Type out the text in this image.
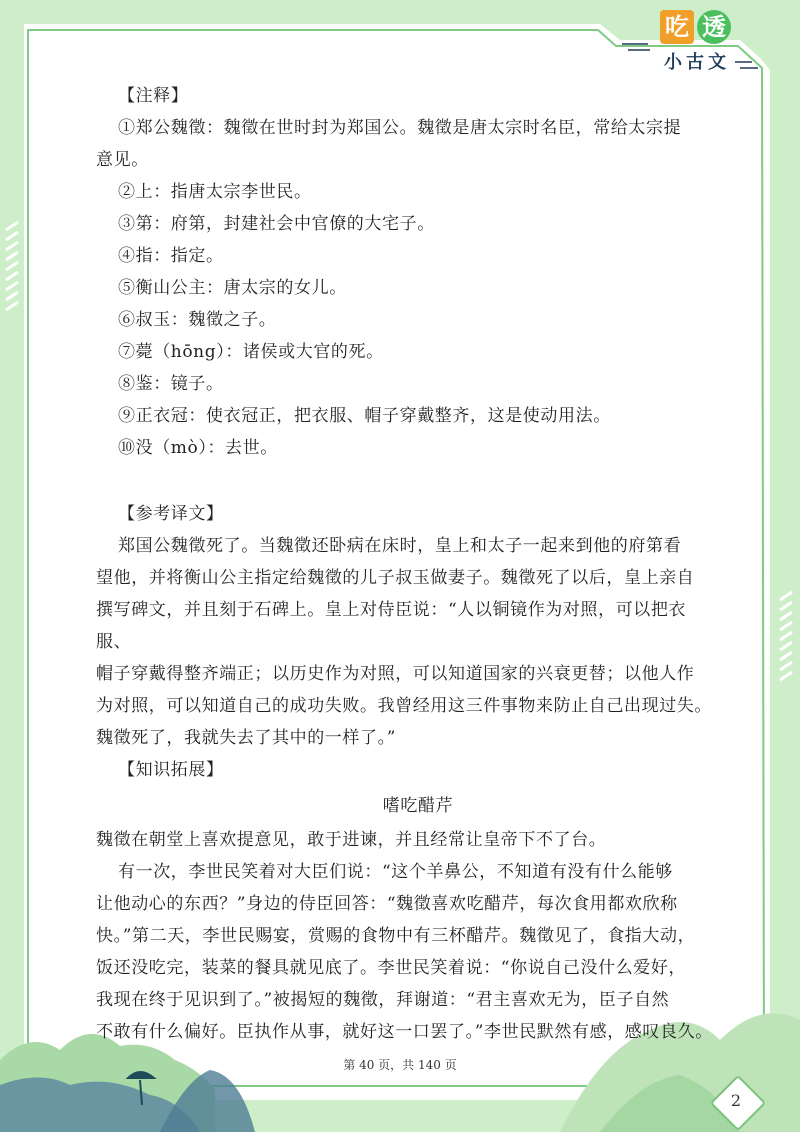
吃 透
小古文

【注释】

①郑公魏徵：魏徵在世时封为郑国公。魏徵是唐太宗时名臣，常给太宗提

意见。

②上：指唐太宗李世民。

③第：府第，封建社会中官僚的大宅子。

④指：指定。

⑤衡山公主：唐太宗的女儿。

⑥叔玉：魏徵之子。

⑦薨（hōng）：诸侯或大官的死。

⑧鉴：镜子。

⑨正衣冠：使衣冠正，把衣服、帽子穿戴整齐，这是使动用法。

⑩没（mò）：去世。

【参考译文】

郑国公魏徵死了。当魏徵还卧病在床时，皇上和太子一起来到他的府第看

望他，并将衡山公主指定给魏徵的儿子叔玉做妻子。魏徵死了以后，皇上亲自

撰写碑文，并且刻于石碑上。皇上对侍臣说：“人以铜镜作为对照，可以把衣服、

帽子穿戴得整齐端正；以历史作为对照，可以知道国家的兴衰更替；以他人作

为对照，可以知道自己的成功失败。我曾经用这三件事物来防止自己出现过失。

魏徵死了，我就失去了其中的一样了。”

【知识拓展】

嗜吃醋芹

魏徵在朝堂上喜欢提意见，敢于进谏，并且经常让皇帝下不了台。

有一次，李世民笑着对大臣们说：“这个羊鼻公，不知道有没有什么能够

让他动心的东西？”身边的侍臣回答：“魏徵喜欢吃醋芹，每次食用都欢欣称

快。”第二天，李世民赐宴，赏赐的食物中有三杯醋芹。魏徵见了，食指大动，

饭还没吃完，装菜的餐具就见底了。李世民笑着说：“你说自己没什么爱好，

我现在终于见识到了。”被揭短的魏徵，拜谢道：“君主喜欢无为，臣子自然

不敢有什么偏好。臣执作从事，就好这一口罢了。”李世民默然有感，感叹良久。

第 40 页，共 140 页
2
